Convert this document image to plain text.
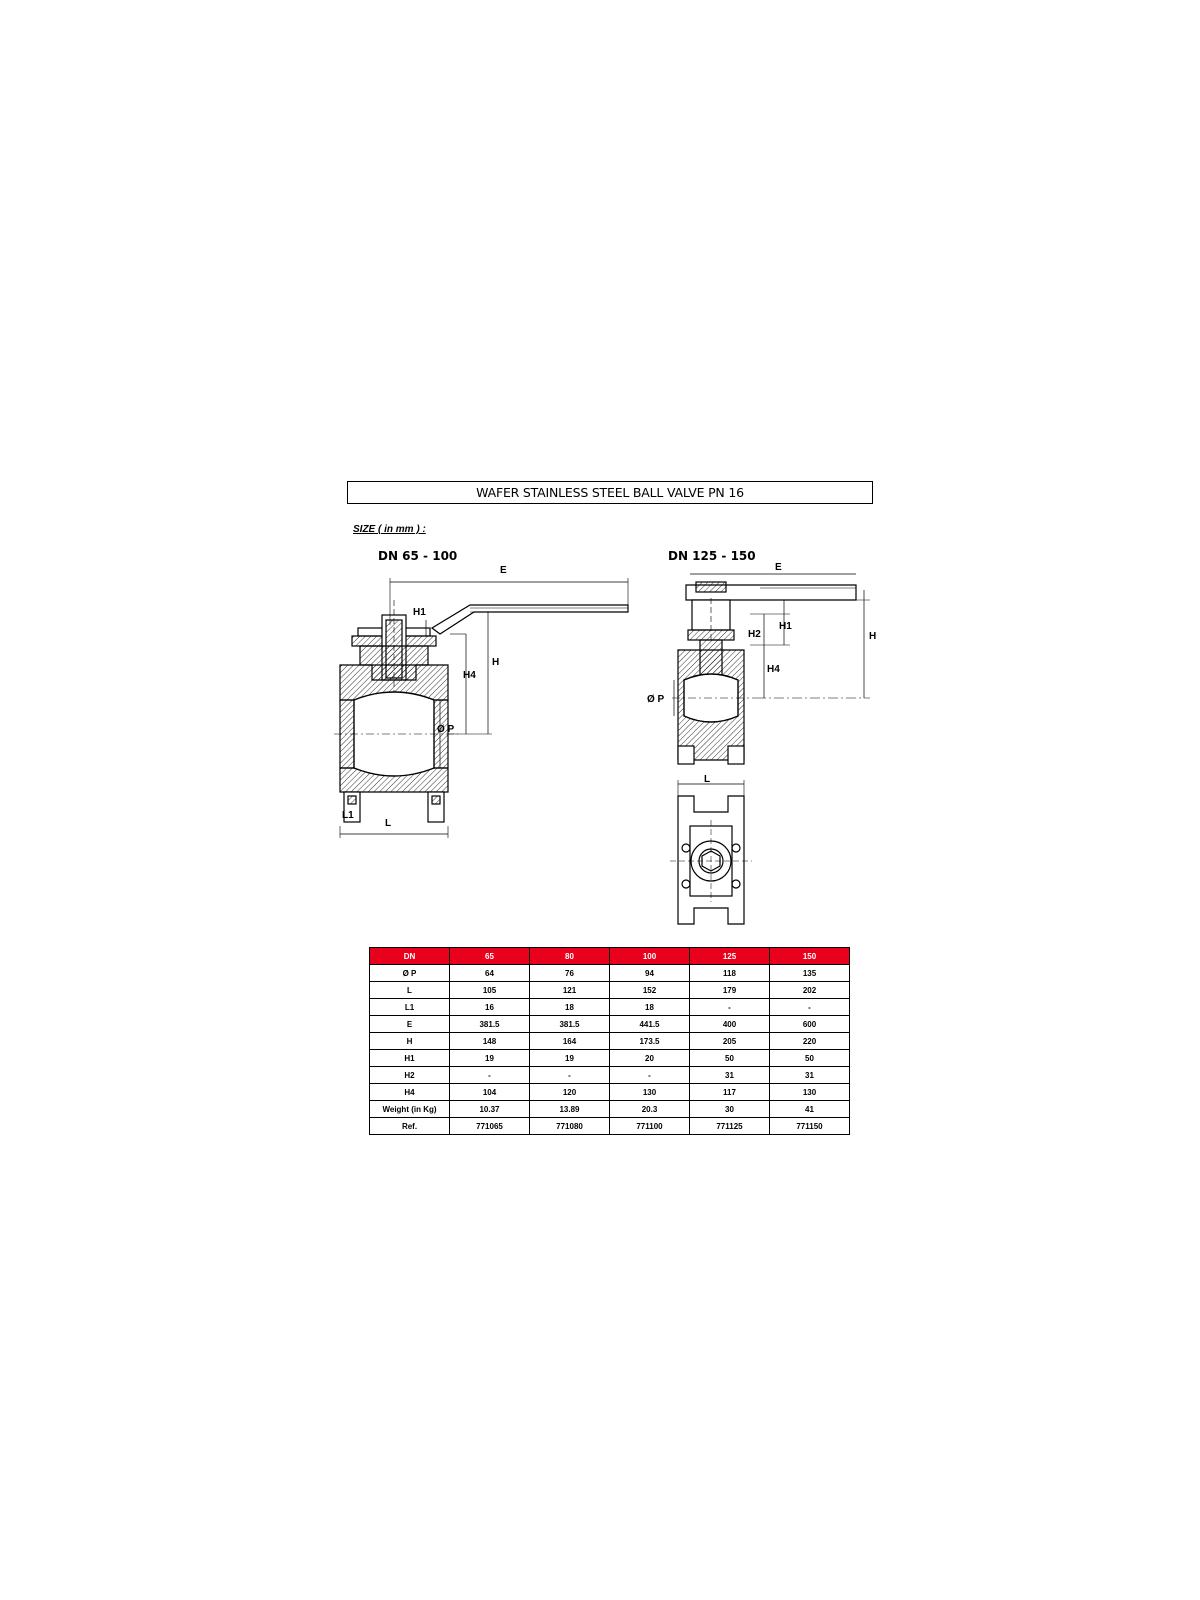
WAFER STAINLESS STEEL BALL VALVE PN 16
SIZE ( in mm ) :
DN 65 - 100	DN 125 - 150
E
H1
H
H4
Ø P
L1
L
E
H1
H2	H
H4
Ø P
L
DN	65	80	100	125	150
Ø P	64	76	94	118	135
L	105	121	152	179	202
L1	16	18	18	-	-
E	381.5	381.5	441.5	400	600
H	148	164	173.5	205	220
H1	19	19	20	50	50
H2	-	-	-	31	31
H4	104	120	130	117	130
Weight (in Kg)	10.37	13.89	20.3	30	41
Ref.	771065	771080	771100	771125	771150
